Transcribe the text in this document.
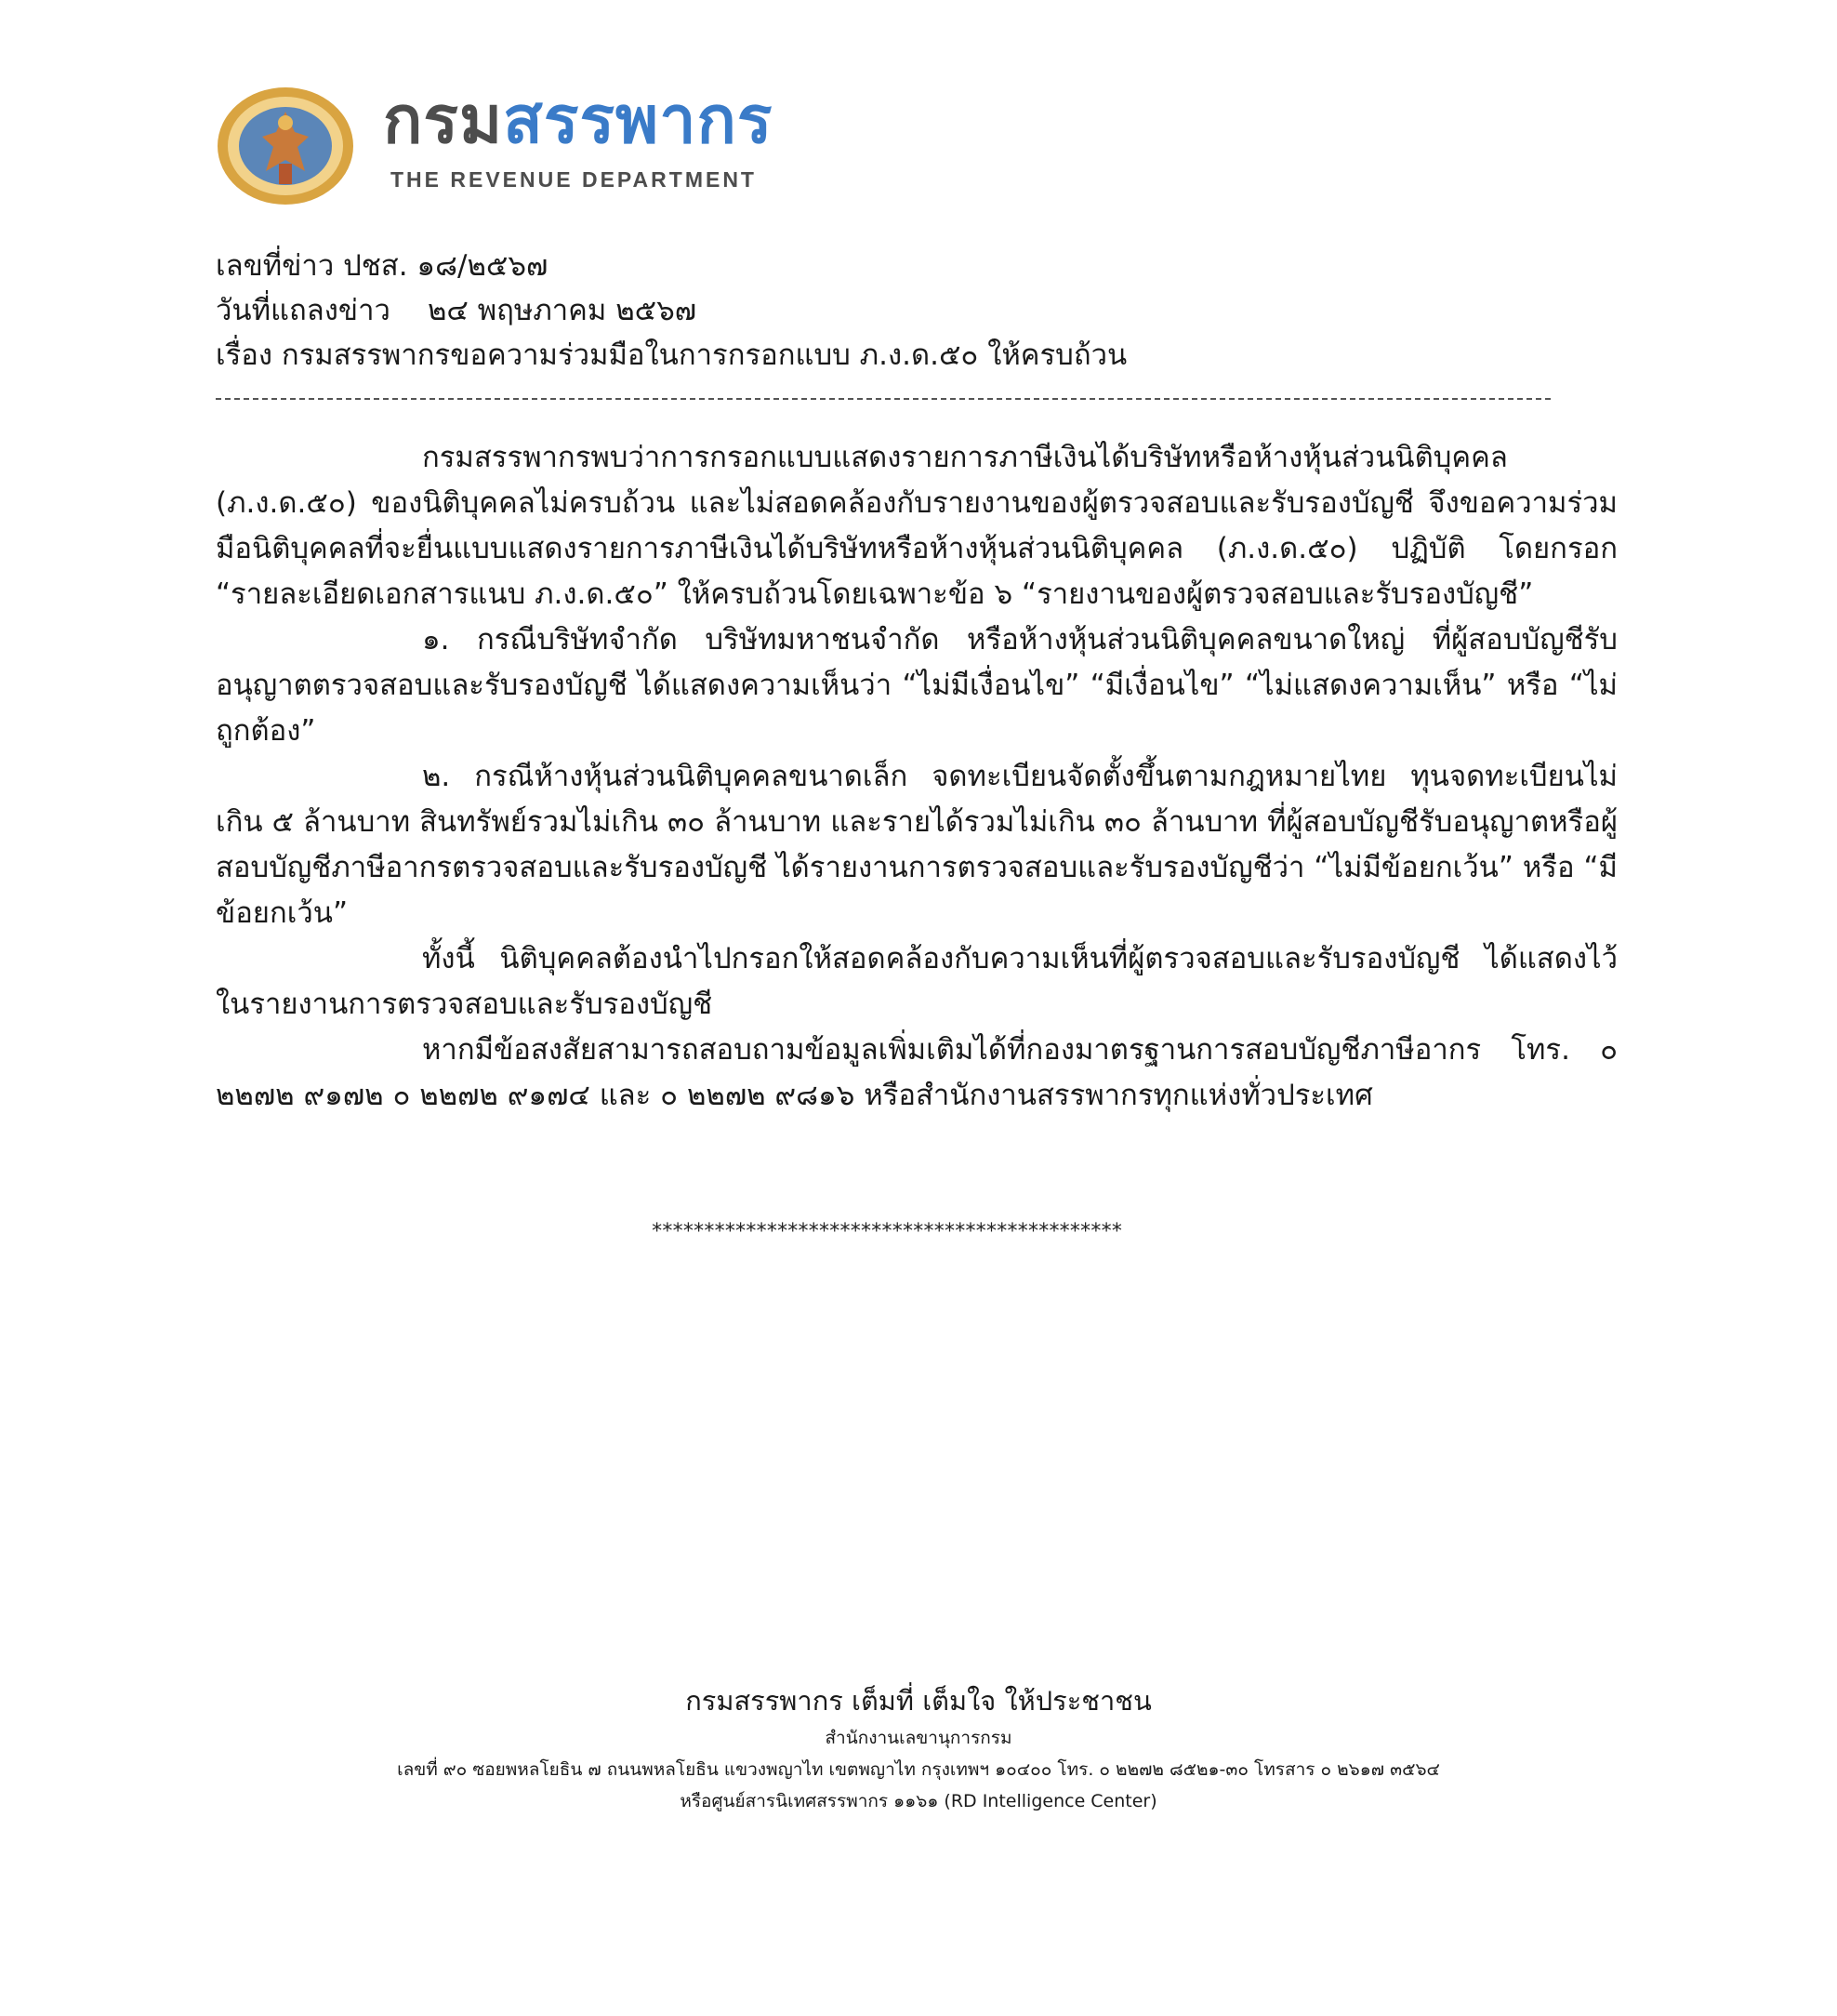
กรมสรรพากร
THE REVENUE DEPARTMENT
เลขที่ข่าว ปชส. ๑๘/๒๕๖๗
วันที่แถลงข่าว ๒๔ พฤษภาคม ๒๕๖๗
เรื่อง กรมสรรพากรขอความร่วมมือในการกรอกแบบ ภ.ง.ด.๕๐ ให้ครบถ้วน

กรมสรรพากรพบว่าการกรอกแบบแสดงรายการภาษีเงินได้บริษัทหรือห้างหุ้นส่วนนิติบุคคล (ภ.ง.ด.๕๐) ของนิติบุคคลไม่ครบถ้วน และไม่สอดคล้องกับรายงานของผู้ตรวจสอบและรับรองบัญชี จึงขอความร่วมมือนิติบุคคลที่จะยื่นแบบแสดงรายการภาษีเงินได้บริษัทหรือห้างหุ้นส่วนนิติบุคคล (ภ.ง.ด.๕๐) ปฏิบัติ โดยกรอก “รายละเอียดเอกสารแนบ ภ.ง.ด.๕๐” ให้ครบถ้วนโดยเฉพาะข้อ ๖ “รายงานของผู้ตรวจสอบและรับรองบัญชี”

๑. กรณีบริษัทจำกัด บริษัทมหาชนจำกัด หรือห้างหุ้นส่วนนิติบุคคลขนาดใหญ่ ที่ผู้สอบบัญชีรับอนุญาตตรวจสอบและรับรองบัญชี ได้แสดงความเห็นว่า “ไม่มีเงื่อนไข” “มีเงื่อนไข” “ไม่แสดงความเห็น” หรือ “ไม่ถูกต้อง”

๒. กรณีห้างหุ้นส่วนนิติบุคคลขนาดเล็ก จดทะเบียนจัดตั้งขึ้นตามกฎหมายไทย ทุนจดทะเบียนไม่เกิน ๕ ล้านบาท สินทรัพย์รวมไม่เกิน ๓๐ ล้านบาท และรายได้รวมไม่เกิน ๓๐ ล้านบาท ที่ผู้สอบบัญชีรับอนุญาตหรือผู้สอบบัญชีภาษีอากรตรวจสอบและรับรองบัญชี ได้รายงานการตรวจสอบและรับรองบัญชีว่า “ไม่มีข้อยกเว้น” หรือ “มีข้อยกเว้น”

ทั้งนี้ นิติบุคคลต้องนำไปกรอกให้สอดคล้องกับความเห็นที่ผู้ตรวจสอบและรับรองบัญชี ได้แสดงไว้ในรายงานการตรวจสอบและรับรองบัญชี

หากมีข้อสงสัยสามารถสอบถามข้อมูลเพิ่มเติมได้ที่กองมาตรฐานการสอบบัญชีภาษีอากร โทร. ๐ ๒๒๗๒ ๙๑๗๒ ๐ ๒๒๗๒ ๙๑๗๔ และ ๐ ๒๒๗๒ ๙๘๑๖ หรือสำนักงานสรรพากรทุกแห่งทั่วประเทศ

*********************************************
กรมสรรพากร เต็มที่ เต็มใจ ให้ประชาชน
สำนักงานเลขานุการกรม
เลขที่ ๙๐ ซอยพหลโยธิน ๗ ถนนพหลโยธิน แขวงพญาไท เขตพญาไท กรุงเทพฯ ๑๐๔๐๐ โทร. ๐ ๒๒๗๒ ๘๕๒๑-๓๐ โทรสาร ๐ ๒๖๑๗ ๓๕๖๔
หรือศูนย์สารนิเทศสรรพากร ๑๑๖๑ (RD Intelligence Center)
